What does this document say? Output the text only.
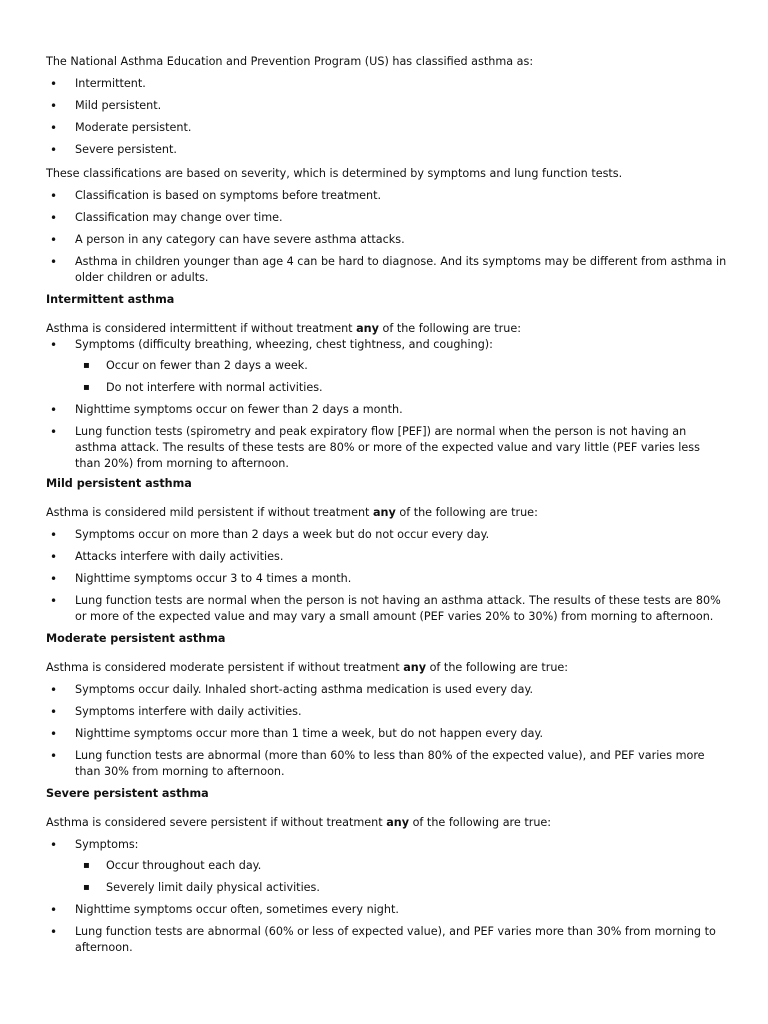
The National Asthma Education and Prevention Program (US) has classified asthma as:

• Intermittent.
• Mild persistent.
• Moderate persistent.
• Severe persistent.

These classifications are based on severity, which is determined by symptoms and lung function tests.

• Classification is based on symptoms before treatment.
• Classification may change over time.
• A person in any category can have severe asthma attacks.
• Asthma in children younger than age 4 can be hard to diagnose. And its symptoms may be different from asthma in older children or adults.

Intermittent asthma

Asthma is considered intermittent if without treatment any of the following are true:

• Symptoms (difficulty breathing, wheezing, chest tightness, and coughing):
▪ Occur on fewer than 2 days a week.
▪ Do not interfere with normal activities.
• Nighttime symptoms occur on fewer than 2 days a month.
• Lung function tests (spirometry and peak expiratory flow [PEF]) are normal when the person is not having an asthma attack. The results of these tests are 80% or more of the expected value and vary little (PEF varies less than 20%) from morning to afternoon.

Mild persistent asthma

Asthma is considered mild persistent if without treatment any of the following are true:

• Symptoms occur on more than 2 days a week but do not occur every day.
• Attacks interfere with daily activities.
• Nighttime symptoms occur 3 to 4 times a month.
• Lung function tests are normal when the person is not having an asthma attack. The results of these tests are 80% or more of the expected value and may vary a small amount (PEF varies 20% to 30%) from morning to afternoon.

Moderate persistent asthma

Asthma is considered moderate persistent if without treatment any of the following are true:

• Symptoms occur daily. Inhaled short-acting asthma medication is used every day.
• Symptoms interfere with daily activities.
• Nighttime symptoms occur more than 1 time a week, but do not happen every day.
• Lung function tests are abnormal (more than 60% to less than 80% of the expected value), and PEF varies more than 30% from morning to afternoon.

Severe persistent asthma

Asthma is considered severe persistent if without treatment any of the following are true:

• Symptoms:
▪ Occur throughout each day.
▪ Severely limit daily physical activities.
• Nighttime symptoms occur often, sometimes every night.
• Lung function tests are abnormal (60% or less of expected value), and PEF varies more than 30% from morning to afternoon.
